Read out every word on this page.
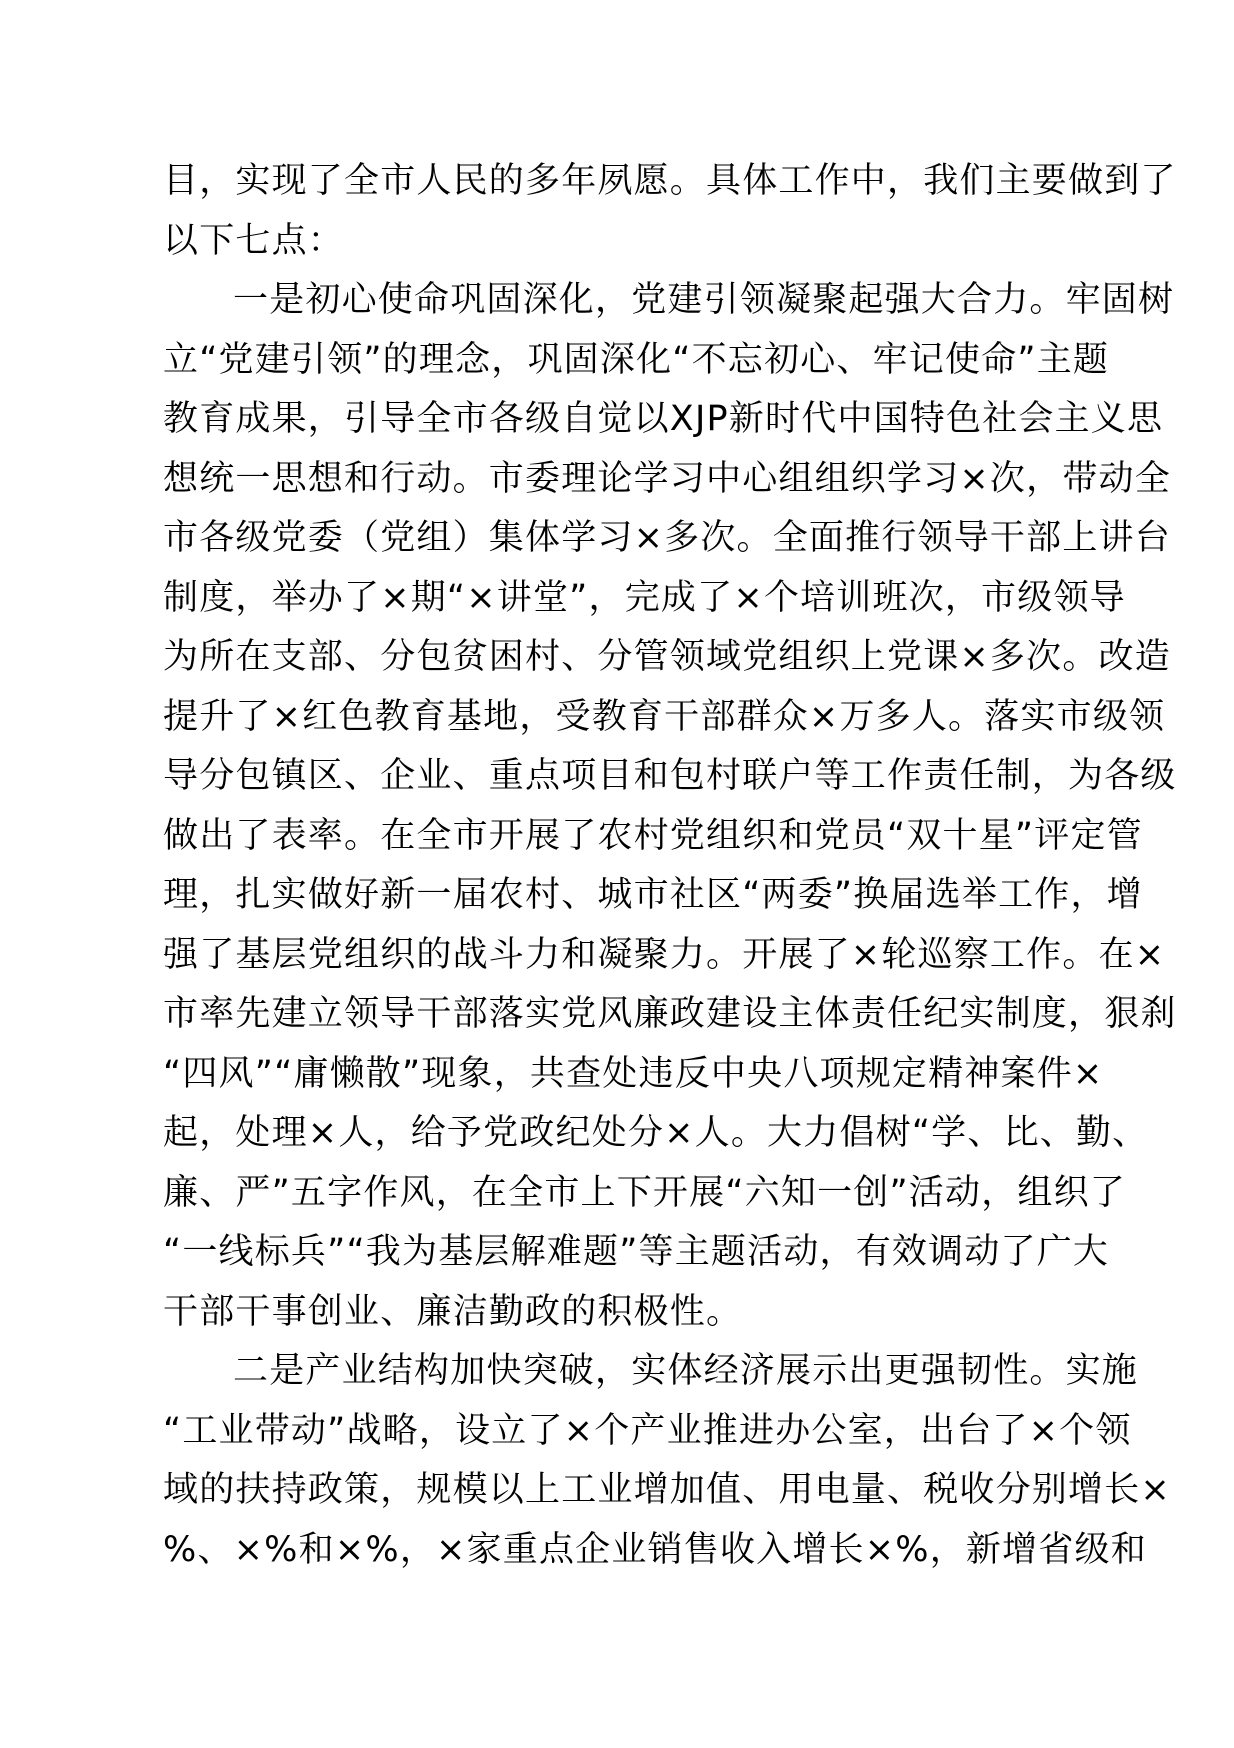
目，实现了全市人民的多年夙愿。具体工作中，我们主要做到了

以下七点：

一是初心使命巩固深化，党建引领凝聚起强大合力。牢固树

立“党建引领”的理念，巩固深化“不忘初心、牢记使命”主题

教育成果，引导全市各级自觉以XJP新时代中国特色社会主义思

想统一思想和行动。市委理论学习中心组组织学习×次，带动全

市各级党委（党组）集体学习×多次。全面推行领导干部上讲台

制度，举办了×期“×讲堂”，完成了×个培训班次，市级领导

为所在支部、分包贫困村、分管领域党组织上党课×多次。改造

提升了×红色教育基地，受教育干部群众×万多人。落实市级领

导分包镇区、企业、重点项目和包村联户等工作责任制，为各级

做出了表率。在全市开展了农村党组织和党员“双十星”评定管

理，扎实做好新一届农村、城市社区“两委”换届选举工作，增

强了基层党组织的战斗力和凝聚力。开展了×轮巡察工作。在×

市率先建立领导干部落实党风廉政建设主体责任纪实制度，狠刹

“四风”“庸懒散”现象，共查处违反中央八项规定精神案件×

起，处理×人，给予党政纪处分×人。大力倡树“学、比、勤、

廉、严”五字作风，在全市上下开展“六知一创”活动，组织了

“一线标兵”“我为基层解难题”等主题活动，有效调动了广大

干部干事创业、廉洁勤政的积极性。

二是产业结构加快突破，实体经济展示出更强韧性。实施

“工业带动”战略，设立了×个产业推进办公室，出台了×个领

域的扶持政策，规模以上工业增加值、用电量、税收分别增长×

%、×%和×%，×家重点企业销售收入增长×%，新增省级和
